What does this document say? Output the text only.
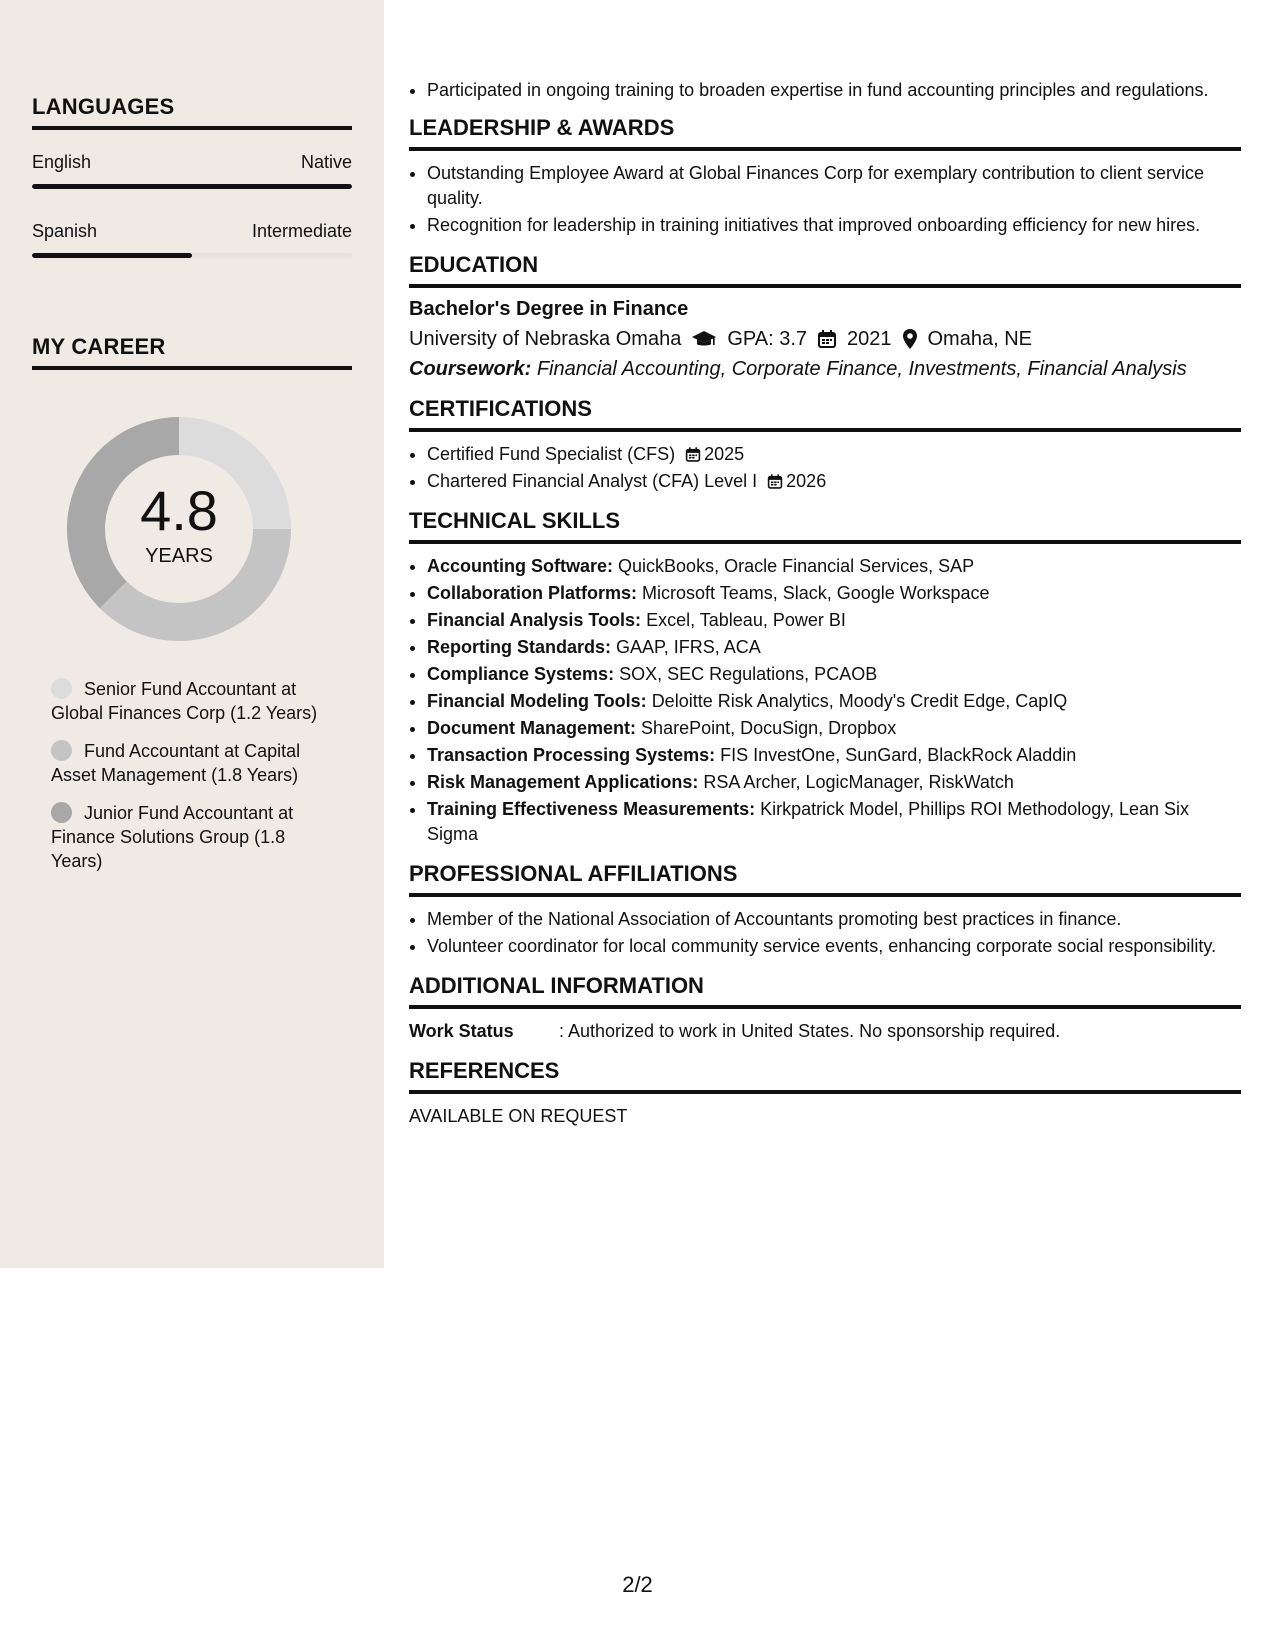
LANGUAGES
English	Native
Spanish	Intermediate
MY CAREER
4.8
YEARS
Senior Fund Accountant at Global Finances Corp (1.2 Years)
Fund Accountant at Capital Asset Management (1.8 Years)
Junior Fund Accountant at Finance Solutions Group (1.8 Years)
• Participated in ongoing training to broaden expertise in fund accounting principles and regulations.
LEADERSHIP & AWARDS
• Outstanding Employee Award at Global Finances Corp for exemplary contribution to client service quality.
• Recognition for leadership in training initiatives that improved onboarding efficiency for new hires.
EDUCATION
Bachelor's Degree in Finance
University of Nebraska Omaha GPA: 3.7 2021 Omaha, NE
Coursework: Financial Accounting, Corporate Finance, Investments, Financial Analysis
CERTIFICATIONS
• Certified Fund Specialist (CFS) 2025
• Chartered Financial Analyst (CFA) Level I 2026
TECHNICAL SKILLS
• Accounting Software: QuickBooks, Oracle Financial Services, SAP
• Collaboration Platforms: Microsoft Teams, Slack, Google Workspace
• Financial Analysis Tools: Excel, Tableau, Power BI
• Reporting Standards: GAAP, IFRS, ACA
• Compliance Systems: SOX, SEC Regulations, PCAOB
• Financial Modeling Tools: Deloitte Risk Analytics, Moody's Credit Edge, CapIQ
• Document Management: SharePoint, DocuSign, Dropbox
• Transaction Processing Systems: FIS InvestOne, SunGard, BlackRock Aladdin
• Risk Management Applications: RSA Archer, LogicManager, RiskWatch
• Training Effectiveness Measurements: Kirkpatrick Model, Phillips ROI Methodology, Lean Six Sigma
PROFESSIONAL AFFILIATIONS
• Member of the National Association of Accountants promoting best practices in finance.
• Volunteer coordinator for local community service events, enhancing corporate social responsibility.
ADDITIONAL INFORMATION
Work Status	: Authorized to work in United States. No sponsorship required.
REFERENCES
AVAILABLE ON REQUEST
2/2
